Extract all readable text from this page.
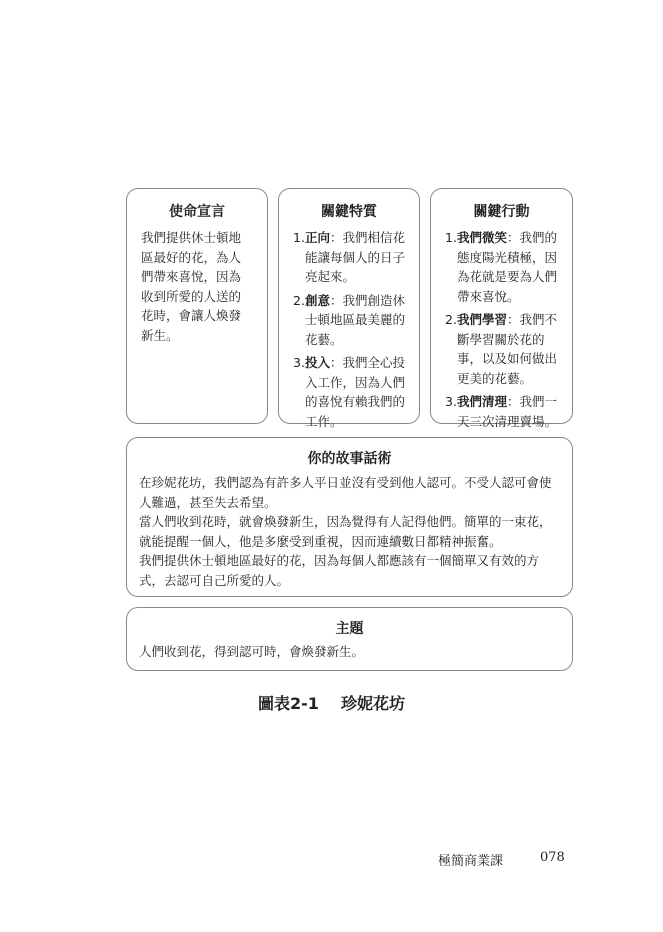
使命宣言
我們提供休士頓地區最好的花，為人們帶來喜悅，因為收到所愛的人送的花時，會讓人煥發新生。
關鍵特質
1. 正向：我們相信花能讓每個人的日子亮起來。
2. 創意：我們創造休士頓地區最美麗的花藝。
3. 投入：我們全心投入工作，因為人們的喜悅有賴我們的工作。
關鍵行動
1. 我們微笑：我們的態度陽光積極，因為花就是要為人們帶來喜悅。
2. 我們學習：我們不斷學習關於花的事，以及如何做出更美的花藝。
3. 我們清理：我們一天三次清理賣場。
你的故事話術

在珍妮花坊，我們認為有許多人平日並沒有受到他人認可。不受人認可會使人難過，甚至失去希望。

當人們收到花時，就會煥發新生，因為覺得有人記得他們。簡單的一束花，就能提醒一個人，他是多麼受到重視，因而連續數日都精神振奮。

我們提供休士頓地區最好的花，因為每個人都應該有一個簡單又有效的方式，去認可自己所愛的人。

主題
人們收到花，得到認可時，會煥發新生。
圖表2-1 珍妮花坊
極簡商業課	078
